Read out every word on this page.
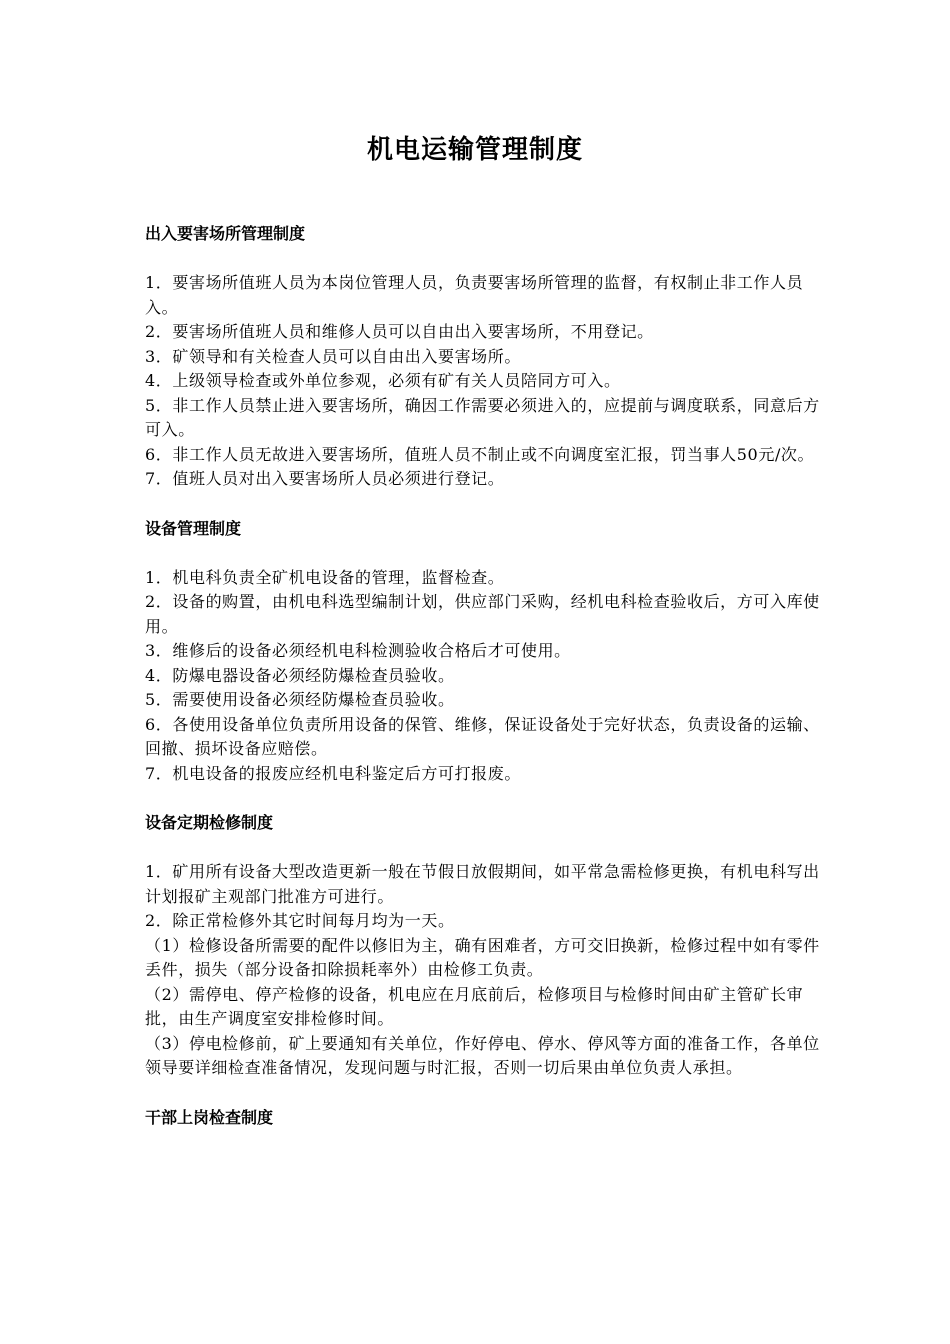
机电运输管理制度
出入要害场所管理制度

1．要害场所值班人员为本岗位管理人员，负责要害场所管理的监督，有权制止非工作人员入。

2．要害场所值班人员和维修人员可以自由出入要害场所，不用登记。

3．矿领导和有关检查人员可以自由出入要害场所。

4．上级领导检查或外单位参观，必须有矿有关人员陪同方可入。

5．非工作人员禁止进入要害场所，确因工作需要必须进入的，应提前与调度联系，同意后方可入。

6．非工作人员无故进入要害场所，值班人员不制止或不向调度室汇报，罚当事人50元/次。

7．值班人员对出入要害场所人员必须进行登记。

设备管理制度

1．机电科负责全矿机电设备的管理，监督检查。

2．设备的购置，由机电科选型编制计划，供应部门采购，经机电科检查验收后，方可入库使用。

3．维修后的设备必须经机电科检测验收合格后才可使用。

4．防爆电器设备必须经防爆检查员验收。

5．需要使用设备必须经防爆检查员验收。

6．各使用设备单位负责所用设备的保管、维修，保证设备处于完好状态，负责设备的运输、回撤、损坏设备应赔偿。

7．机电设备的报废应经机电科鉴定后方可打报废。

设备定期检修制度

1．矿用所有设备大型改造更新一般在节假日放假期间，如平常急需检修更换，有机电科写出计划报矿主观部门批准方可进行。

2．除正常检修外其它时间每月均为一天。

（1）检修设备所需要的配件以修旧为主，确有困难者，方可交旧换新，检修过程中如有零件丢件，损失（部分设备扣除损耗率外）由检修工负责。

（2）需停电、停产检修的设备，机电应在月底前后，检修项目与检修时间由矿主管矿长审批，由生产调度室安排检修时间。

（3）停电检修前，矿上要通知有关单位，作好停电、停水、停风等方面的准备工作，各单位领导要详细检查准备情况，发现问题与时汇报，否则一切后果由单位负责人承担。

干部上岗检查制度
